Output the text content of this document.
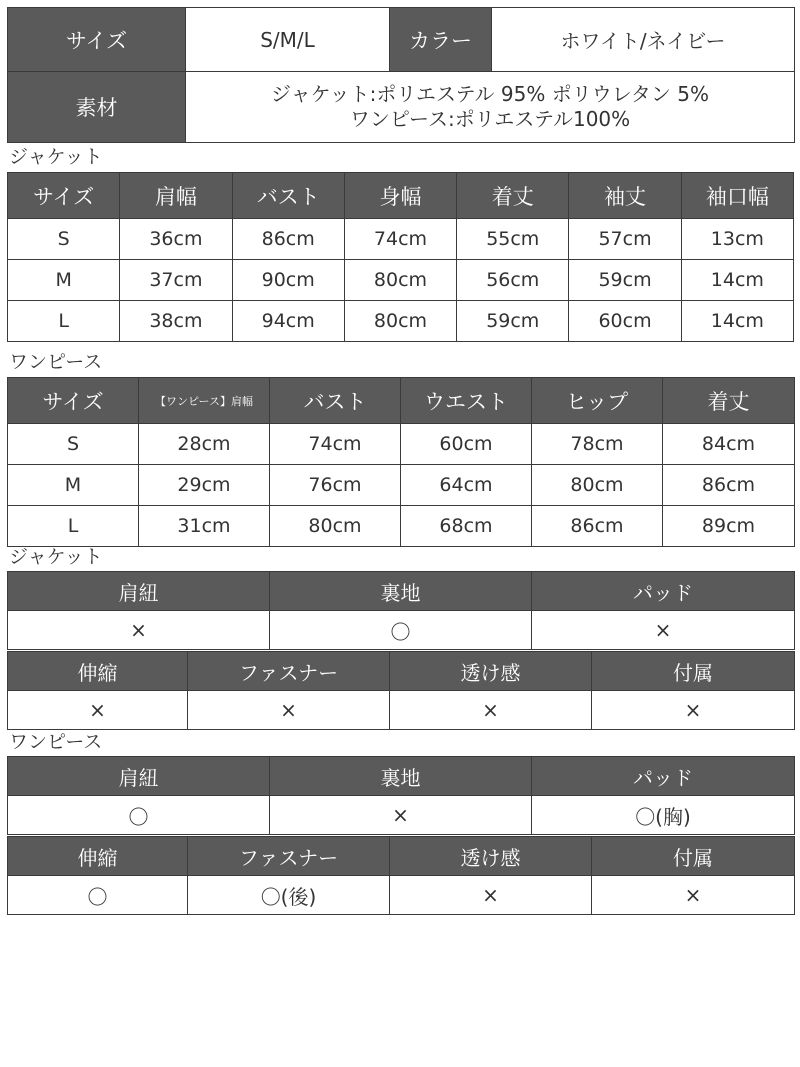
サイズ	S/M/L	カラー	ホワイト/ネイビー
素材	ジャケット:ポリエステル 95% ポリウレタン 5%
ワンピース:ポリエステル100%		
ジャケット
サイズ	肩幅	バスト	身幅	着丈	袖丈	袖口幅
S	36cm	86cm	74cm	55cm	57cm	13cm
M	37cm	90cm	80cm	56cm	59cm	14cm
L	38cm	94cm	80cm	59cm	60cm	14cm
ワンピース
サイズ	【ワンピース】肩幅	バスト	ウエスト	ヒップ	着丈
S	28cm	74cm	60cm	78cm	84cm
M	29cm	76cm	64cm	80cm	86cm
L	31cm	80cm	68cm	86cm	89cm
ジャケット
肩紐	裏地	パッド
×	〇	×
伸縮	ファスナー	透け感	付属
×	×	×	×
ワンピース
肩紐	裏地	パッド
〇	×	〇(胸)
伸縮	ファスナー	透け感	付属
〇	〇(後)	×	×
